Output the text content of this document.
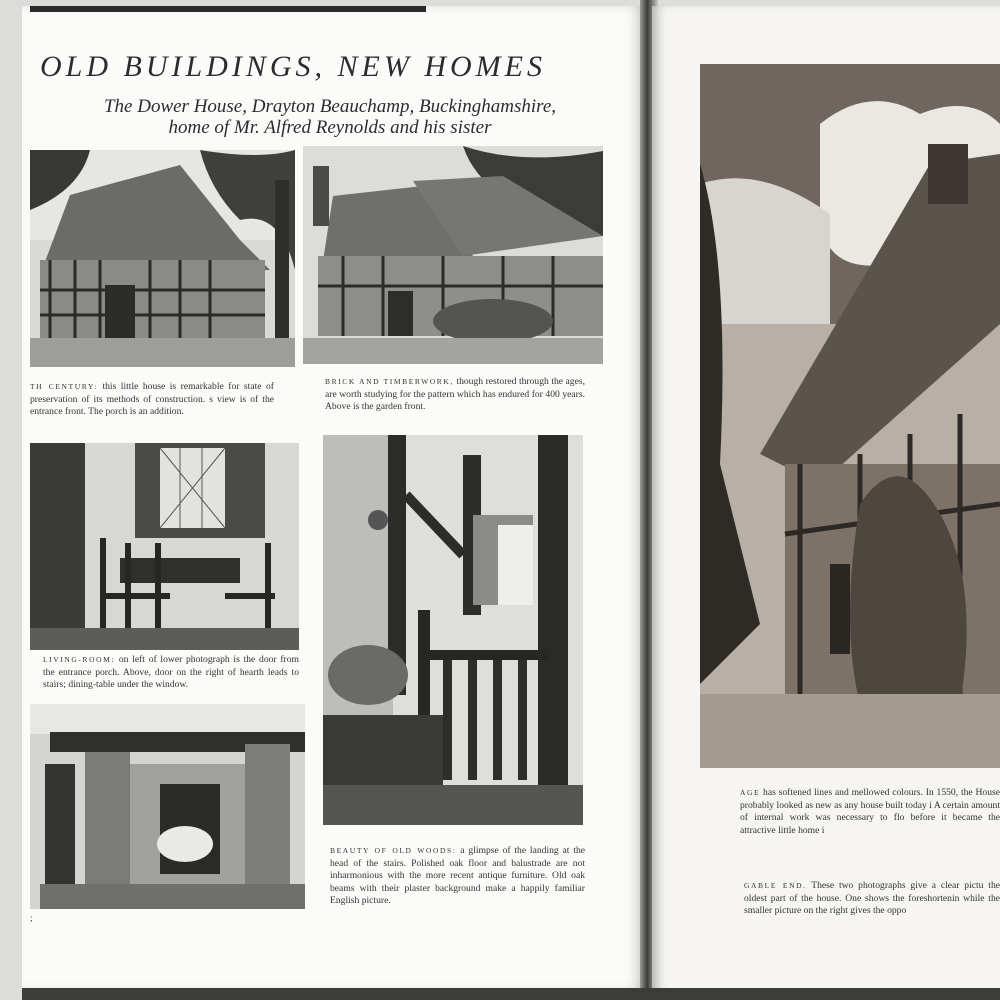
OLD BUILDINGS, NEW HOMES

The Dower House, Drayton Beauchamp, Buckinghamshire,
home of Mr. Alfred Reynolds and his sister

TH CENTURY: this little house is remarkable for state of preservation of its methods of construction. s view is of the entrance front. The porch is an addition.

BRICK AND TIMBERWORK, though restored through the ages, are worth studying for the pattern which has endured for 400 years. Above is the garden front.

LIVING-ROOM: on left of lower photograph is the door from the entrance porch. Above, door on the right of hearth leads to stairs; dining-table under the window.

BEAUTY OF OLD WOODS: a glimpse of the landing at the head of the stairs. Polished oak floor and balustrade are not inharmonious with the more recent antique furniture. Old oak beams with their plaster background make a happily familiar English picture.

;

AGE has softened lines and mellowed colours. In 1550, the House probably looked as new as any house built today i A certain amount of internal work was necessary to flo before it became the attractive little home i

GABLE END. These two photographs give a clear pictu the oldest part of the house. One shows the foreshortenin while the smaller picture on the right gives the oppo
